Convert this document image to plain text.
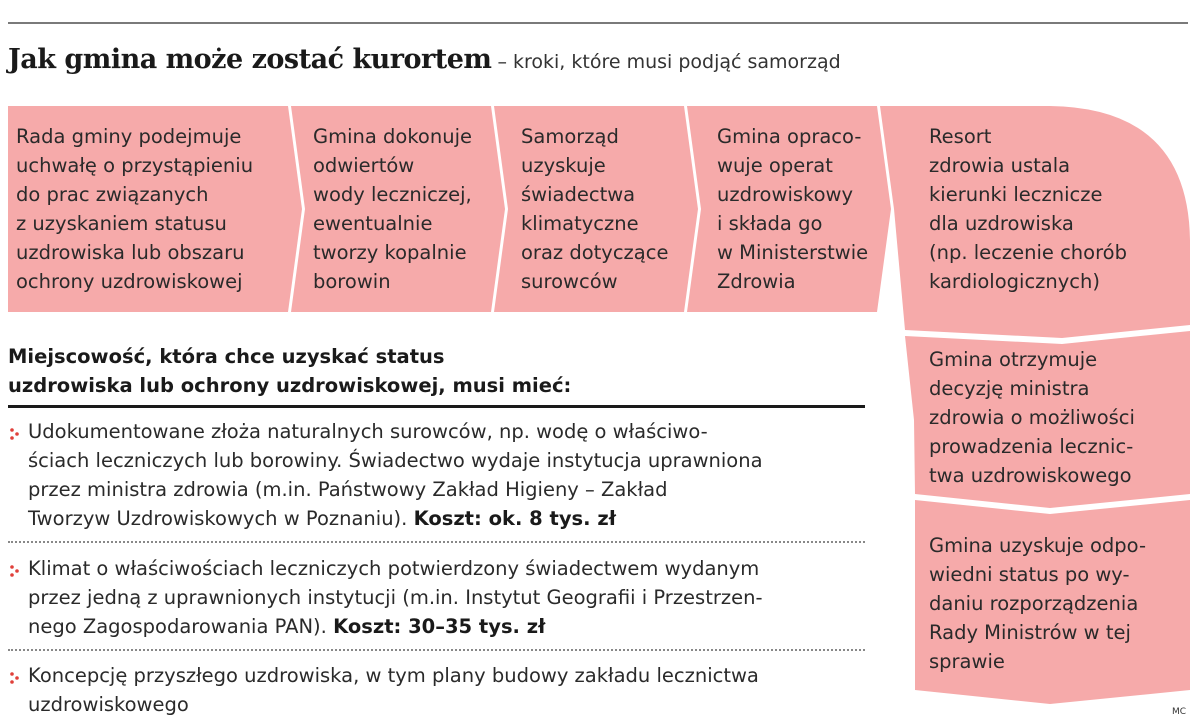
Jak gmina może zostać kurortem – kroki, które musi podjąć samorząd
Rada gminy podejmuje
uchwałę o przystąpieniu
do prac związanych
z uzyskaniem statusu
uzdrowiska lub obszaru
ochrony uzdrowiskowej
Gmina dokonuje
odwiertów
wody leczniczej,
ewentualnie
tworzy kopalnie
borowin
Samorząd
uzyskuje
świadectwa
klimatyczne
oraz dotyczące
surowców
Gmina opraco-
wuje operat
uzdrowiskowy
i składa go
w Ministerstwie
Zdrowia
Resort
zdrowia ustala
kierunki lecznicze
dla uzdrowiska
(np. leczenie chorób
kardiologicznych)
Gmina otrzymuje
decyzję ministra
zdrowia o możliwości
prowadzenia lecznic-
twa uzdrowiskowego
Gmina uzyskuje odpo-
wiedni status po wy-
daniu rozporządzenia
Rady Ministrów w tej
sprawie
Miejscowość, która chce uzyskać status
uzdrowiska lub ochrony uzdrowiskowej, musi mieć:
Udokumentowane złoża naturalnych surowców, np. wodę o właściwo-
ściach leczniczych lub borowiny. Świadectwo wydaje instytucja uprawniona
przez ministra zdrowia (m.in. Państwowy Zakład Higieny – Zakład
Tworzyw Uzdrowiskowych w Poznaniu). Koszt: ok. 8 tys. zł
Klimat o właściwościach leczniczych potwierdzony świadectwem wydanym
przez jedną z uprawnionych instytucji (m.in. Instytut Geografii i Przestrzen-
nego Zagospodarowania PAN). Koszt: 30–35 tys. zł
Koncepcję przyszłego uzdrowiska, w tym plany budowy zakładu lecznictwa
uzdrowiskowego	MC
